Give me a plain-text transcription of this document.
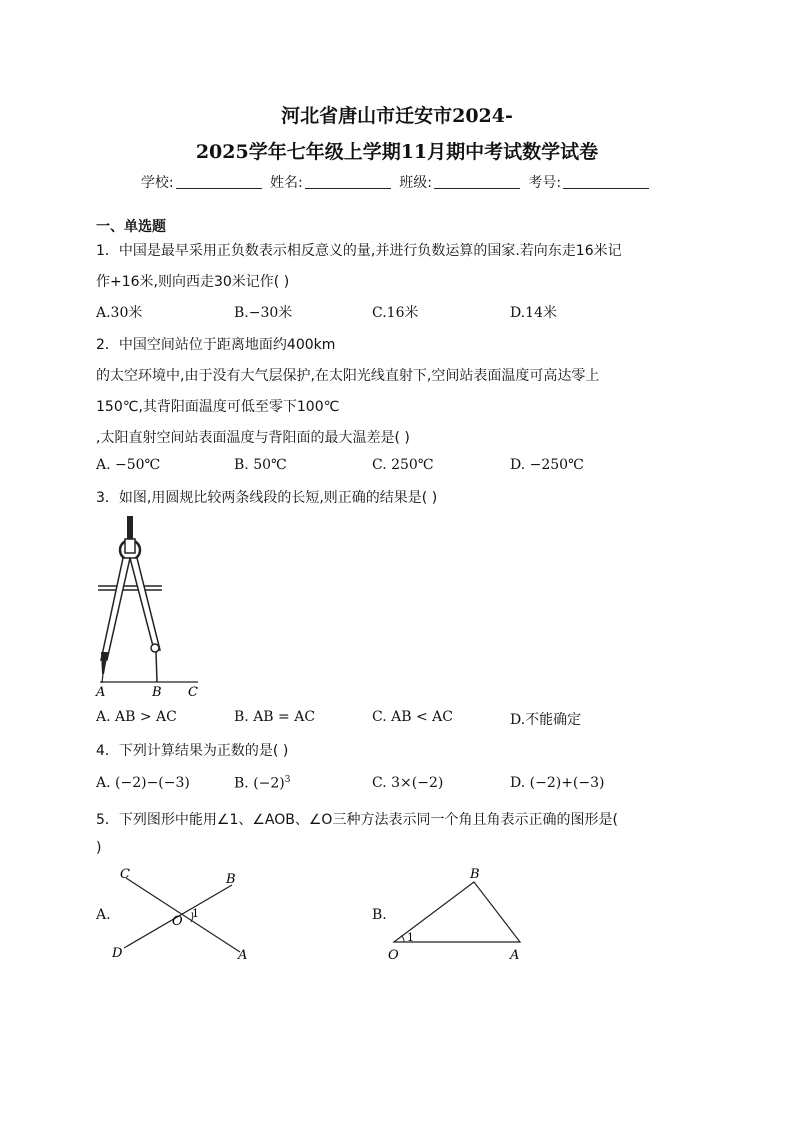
河北省唐山市迁安市2024-
2025学年七年级上学期11月期中考试数学试卷
学校:	姓名:	班级:	考号:
一、单选题
1．中国是最早采用正负数表示相反意义的量,并进行负数运算的国家.若向东走16米记
作+16米,则向西走30米记作( )
A.30米	B.−30米	C.16米	D.14米
2．中国空间站位于距离地面约400km
的太空环境中,由于没有大气层保护,在太阳光线直射下,空间站表面温度可高达零上
150℃,其背阳面温度可低至零下100℃
,太阳直射空间站表面温度与背阳面的最大温差是( )
A. −50℃	B. 50℃	C. 250℃	D. −250℃
3．如图,用圆规比较两条线段的长短,则正确的结果是( )
A	B C
A. AB > AC	B. AB = AC	C. AB < AC	D.不能确定
4．下列计算结果为正数的是( )
A. (−2)−(−3)	B. $(-2)^3$	C. 3×(−2)	D. (−2)+(−3)
5．下列图形中能用∠1、∠AOB、∠O三种方法表示同一个角且角表示正确的图形是(
)
A.
C	B
O
1
D	A
B.
B
1
O	A
